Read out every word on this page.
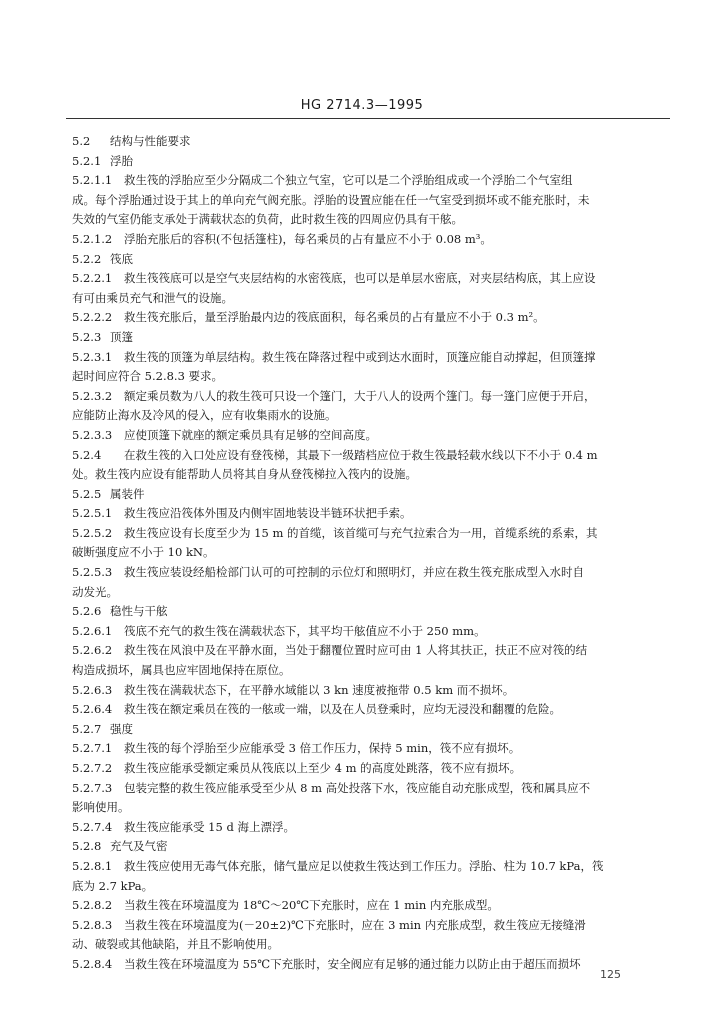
HG 2714.3—1995
5.2 结构与性能要求
5.2.1 浮胎
5.2.1.1 救生筏的浮胎应至少分隔成二个独立气室，它可以是二个浮胎组成或一个浮胎二个气室组
成。每个浮胎通过设于其上的单向充气阀充胀。浮胎的设置应能在任一气室受到损坏或不能充胀时，未
失效的气室仍能支承处于满载状态的负荷，此时救生筏的四周应仍具有干舷。
5.2.1.2 浮胎充胀后的容积(不包括篷柱)，每名乘员的占有量应不小于 0.08 m³。
5.2.2 筏底
5.2.2.1 救生筏筏底可以是空气夹层结构的水密筏底，也可以是单层水密底，对夹层结构底，其上应设
有可由乘员充气和泄气的设施。
5.2.2.2 救生筏充胀后，量至浮胎最内边的筏底面积，每名乘员的占有量应不小于 0.3 m²。
5.2.3 顶篷
5.2.3.1 救生筏的顶篷为单层结构。救生筏在降落过程中或到达水面时，顶篷应能自动撑起，但顶篷撑
起时间应符合 5.2.8.3 要求。
5.2.3.2 额定乘员数为八人的救生筏可只设一个篷门，大于八人的设两个篷门。每一篷门应便于开启，
应能防止海水及冷风的侵入，应有收集雨水的设施。
5.2.3.3 应使顶篷下就座的额定乘员具有足够的空间高度。
5.2.4 在救生筏的入口处应设有登筏梯，其最下一级踏档应位于救生筏最轻载水线以下不小于 0.4 m
处。救生筏内应设有能帮助人员将其自身从登筏梯拉入筏内的设施。
5.2.5 属装件
5.2.5.1 救生筏应沿筏体外围及内侧牢固地装设半链环状把手索。
5.2.5.2 救生筏应设有长度至少为 15 m 的首缆，该首缆可与充气拉索合为一用，首缆系统的系索，其
破断强度应不小于 10 kN。
5.2.5.3 救生筏应装设经船检部门认可的可控制的示位灯和照明灯，并应在救生筏充胀成型入水时自
动发光。
5.2.6 稳性与干舷
5.2.6.1 筏底不充气的救生筏在满载状态下，其平均干舷值应不小于 250 mm。
5.2.6.2 救生筏在风浪中及在平静水面，当处于翻覆位置时应可由 1 人将其扶正，扶正不应对筏的结
构造成损坏，属具也应牢固地保持在原位。
5.2.6.3 救生筏在满载状态下，在平静水域能以 3 kn 速度被拖带 0.5 km 而不损坏。
5.2.6.4 救生筏在额定乘员在筏的一舷或一端，以及在人员登乘时，应均无浸没和翻覆的危险。
5.2.7 强度
5.2.7.1 救生筏的每个浮胎至少应能承受 3 倍工作压力，保持 5 min，筏不应有损坏。
5.2.7.2 救生筏应能承受额定乘员从筏底以上至少 4 m 的高度处跳落，筏不应有损坏。
5.2.7.3 包装完整的救生筏应能承受至少从 8 m 高处投落下水，筏应能自动充胀成型，筏和属具应不
影响使用。
5.2.7.4 救生筏应能承受 15 d 海上漂浮。
5.2.8 充气及气密
5.2.8.1 救生筏应使用无毒气体充胀，储气量应足以使救生筏达到工作压力。浮胎、柱为 10.7 kPa，筏
底为 2.7 kPa。
5.2.8.2 当救生筏在环境温度为 18℃～20℃下充胀时，应在 1 min 内充胀成型。
5.2.8.3 当救生筏在环境温度为(－20±2)℃下充胀时，应在 3 min 内充胀成型，救生筏应无接缝滑
动、破裂或其他缺陷，并且不影响使用。
5.2.8.4 当救生筏在环境温度为 55℃下充胀时，安全阀应有足够的通过能力以防止由于超压而损坏
125
